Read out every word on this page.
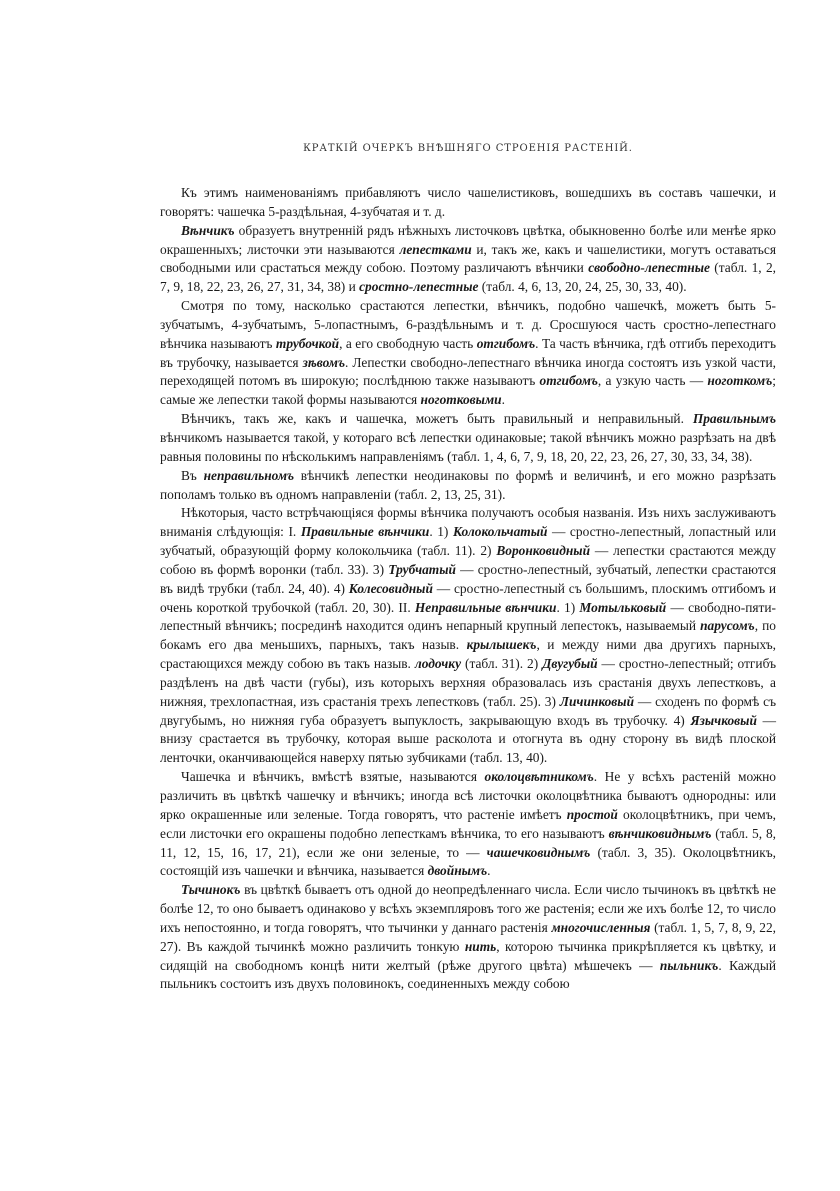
КРАТКІЙ ОЧЕРКЪ ВНѢШНЯГО СТРОЕНІЯ РАСТЕНІЙ.

Къ этимъ наименованіямъ прибавляютъ число чашелистиковъ, вошедшихъ въ составъ чашечки, и говорятъ: чашечка 5-раздѣльная, 4-зубчатая и т. д.

Вѣнчикъ образуетъ внутренній рядъ нѣжныхъ листочковъ цвѣтка, обыкновенно болѣе или менѣе ярко окрашенныхъ; листочки эти называются лепестками и, такъ же, какъ и чашелистики, могутъ оставаться свободными или срастаться между собою. Поэтому различаютъ вѣнчики свободно-лепестные (табл. 1, 2, 7, 9, 18, 22, 23, 26, 27, 31, 34, 38) и сростно-лепестные (табл. 4, 6, 13, 20, 24, 25, 30, 33, 40).

Смотря по тому, насколько срастаются лепестки, вѣнчикъ, подобно чашечкѣ, можетъ быть 5-зубчатымъ, 4-зубчатымъ, 5-лопастнымъ, 6-раздѣльнымъ и т. д. Сросшуюся часть сростно-лепестнаго вѣнчика называютъ трубочкой, а его свободную часть отгибомъ. Та часть вѣнчика, гдѣ отгибъ переходитъ въ трубочку, называется зѣвомъ. Лепестки свободно-лепестнаго вѣнчика иногда состоятъ изъ узкой части, переходящей потомъ въ широкую; послѣднюю также называютъ отгибомъ, а узкую часть — ноготкомъ; самые же лепестки такой формы называются ноготковыми.

Вѣнчикъ, такъ же, какъ и чашечка, можетъ быть правильный и неправильный. Правильнымъ вѣнчикомъ называется такой, у котораго всѣ лепестки одинаковые; такой вѣнчикъ можно разрѣзать на двѣ равныя половины по нѣсколькимъ направленіямъ (табл. 1, 4, 6, 7, 9, 18, 20, 22, 23, 26, 27, 30, 33, 34, 38).

Въ неправильномъ вѣнчикѣ лепестки неодинаковы по формѣ и величинѣ, и его можно разрѣзать пополамъ только въ одномъ направленіи (табл. 2, 13, 25, 31).

Нѣкоторыя, часто встрѣчающіяся формы вѣнчика получаютъ особыя названія. Изъ нихъ заслуживаютъ вниманія слѣдующія: I. Правильные вѣнчики. 1) Колокольчатый — сростно-лепестный, лопастный или зубчатый, образующій форму колокольчика (табл. 11). 2) Воронковидный — лепестки срастаются между собою въ формѣ воронки (табл. 33). 3) Трубчатый — сростно-лепестный, зубчатый, лепестки срастаются въ видѣ трубки (табл. 24, 40). 4) Колесовидный — сростно-лепестный съ большимъ, плоскимъ отгибомъ и очень короткой трубочкой (табл. 20, 30). II. Неправильные вѣнчики. 1) Мотыльковый — свободно-пяти-лепестный вѣнчикъ; посрединѣ находится одинъ непарный крупный лепестокъ, называемый парусомъ, по бокамъ его два меньшихъ, парныхъ, такъ назыв. крылышекъ, и между ними два другихъ парныхъ, срастающихся между собою въ такъ назыв. лодочку (табл. 31). 2) Двугубый — сростно-лепестный; отгибъ раздѣленъ на двѣ части (губы), изъ которыхъ верхняя образовалась изъ срастанія двухъ лепестковъ, а нижняя, трехлопастная, изъ срастанія трехъ лепестковъ (табл. 25). 3) Личинковый — сходенъ по формѣ съ двугубымъ, но нижняя губа образуетъ выпуклость, закрывающую входъ въ трубочку. 4) Язычковый — внизу срастается въ трубочку, которая выше расколота и отогнута въ одну сторону въ видѣ плоской ленточки, оканчивающейся наверху пятью зубчиками (табл. 13, 40).

Чашечка и вѣнчикъ, вмѣстѣ взятые, называются околоцвѣтникомъ. Не у всѣхъ растеній можно различить въ цвѣткѣ чашечку и вѣнчикъ; иногда всѣ листочки околоцвѣтника бываютъ однородны: или ярко окрашенные или зеленые. Тогда говорятъ, что растеніе имѣетъ простой околоцвѣтникъ, при чемъ, если листочки его окрашены подобно лепесткамъ вѣнчика, то его называютъ вѣнчиковиднымъ (табл. 5, 8, 11, 12, 15, 16, 17, 21), если же они зеленые, то — чашечковиднымъ (табл. 3, 35). Околоцвѣтникъ, состоящій изъ чашечки и вѣнчика, называется двойнымъ.

Тычинокъ въ цвѣткѣ бываетъ отъ одной до неопредѣленнаго числа. Если число тычинокъ въ цвѣткѣ не болѣе 12, то оно бываетъ одинаково у всѣхъ экземпляровъ того же растенія; если же ихъ болѣе 12, то число ихъ непостоянно, и тогда говорятъ, что тычинки у даннаго растенія многочисленныя (табл. 1, 5, 7, 8, 9, 22, 27). Въ каждой тычинкѣ можно различить тонкую нить, которою тычинка прикрѣпляется къ цвѣтку, и сидящій на свободномъ концѣ нити желтый (рѣже другого цвѣта) мѣшечекъ — пыльникъ. Каждый пыльникъ состоитъ изъ двухъ половинокъ, соединенныхъ между собою
